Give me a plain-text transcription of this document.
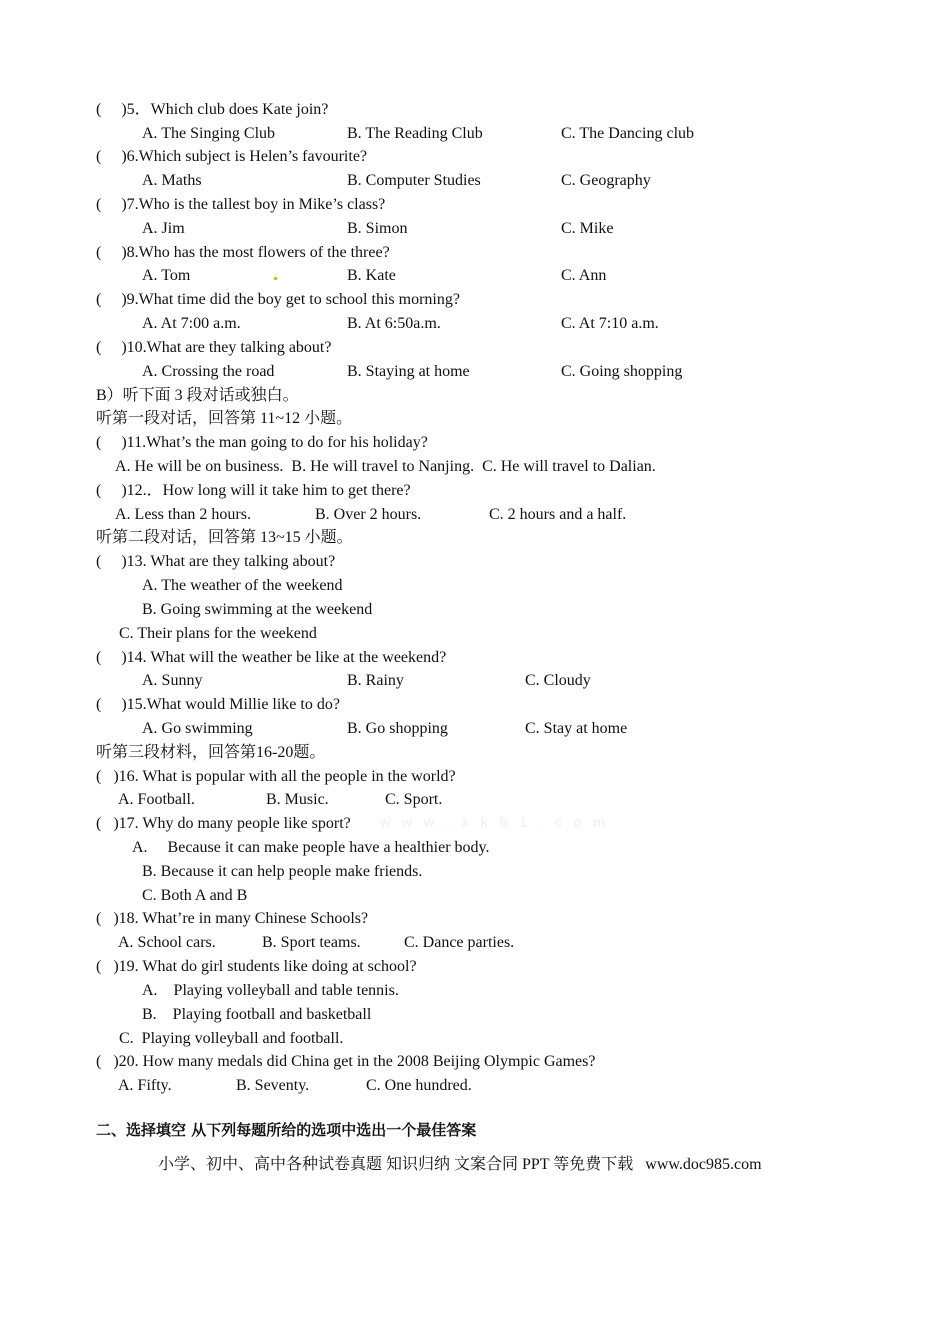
(     )5．Which club does Kate join?
A. The Singing Club	B. The Reading Club	C. The Dancing club
(     )6.Which subject is Helen’s favourite?
A. Maths	B. Computer Studies	C. Geography
(     )7.Who is the tallest boy in Mike’s class?
A. Jim	B. Simon	C. Mike
(     )8.Who has the most flowers of the three?
A. Tom	B. Kate	C. Ann
(     )9.What time did the boy get to school this morning?
A. At 7:00 a.m.	B. At 6:50a.m.	C. At 7:10 a.m.
(     )10.What are they talking about?
A. Crossing the road	B. Staying at home	C. Going shopping
B）听下面 3 段对话或独白。
听第一段对话，回答第 11~12 小题。
(     )11.What’s the man going to do for his holiday?
A. He will be on business.  B. He will travel to Nanjing.  C. He will travel to Dalian.
(     )12.．How long will it take him to get there?
A. Less than 2 hours.	B. Over 2 hours.	C. 2 hours and a half.
听第二段对话，回答第 13~15 小题。
(     )13. What are they talking about?
A. The weather of the weekend
B. Going swimming at the weekend
C. Their plans for the weekend
(     )14. What will the weather be like at the weekend?
A. Sunny	B. Rainy	C. Cloudy
(     )15.What would Millie like to do?
A. Go swimming	B. Go shopping	C. Stay at home
听第三段材料，回答第16-20题。
(   )16. What is popular with all the people in the world?
A. Football.	B. Music.	C. Sport.
(   )17. Why do many people like sport? w w w . x k b 1 . c o m
A.     Because it can make people have a healthier body.
B. Because it can help people make friends.
C. Both A and B
(   )18. What’re in many Chinese Schools?
A. School cars.	B. Sport teams.	C. Dance parties.
(   )19. What do girl students like doing at school?
A.    Playing volleyball and table tennis.
B.    Playing football and basketball
C.  Playing volleyball and football.
(   )20. How many medals did China get in the 2008 Beijing Olympic Games?
A. Fifty.	B. Seventy.	C. One hundred.
二、选择填空 从下列每题所给的选项中选出一个最佳答案
小学、初中、高中各种试卷真题 知识归纳 文案合同 PPT 等免费下载   www.doc985.com
